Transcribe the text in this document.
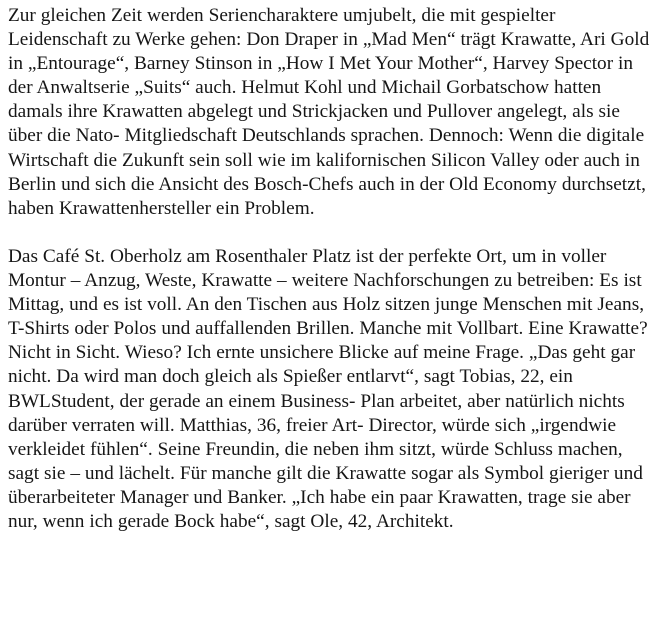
Zur gleichen Zeit werden Seriencharaktere umjubelt, die mit gespielter Leidenschaft zu Werke gehen: Don Draper in „Mad Men“ trägt Krawatte, Ari Gold in „Entourage“, Barney Stinson in „How I Met Your Mother“, Harvey Spector in der Anwaltserie „Suits“ auch. Helmut Kohl und Michail Gorbatschow hatten damals ihre Krawatten abgelegt und Strickjacken und Pullover angelegt, als sie über die Nato- Mitgliedschaft Deutschlands sprachen. Dennoch: Wenn die digitale Wirtschaft die Zukunft sein soll wie im kalifornischen Silicon Valley oder auch in Berlin und sich die Ansicht des Bosch-Chefs auch in der Old Economy durchsetzt, haben Krawattenhersteller ein Problem.

Das Café St. Oberholz am Rosenthaler Platz ist der perfekte Ort, um in voller Montur – Anzug, Weste, Krawatte – weitere Nachforschungen zu betreiben: Es ist Mittag, und es ist voll. An den Tischen aus Holz sitzen junge Menschen mit Jeans, T-Shirts oder Polos und auffallenden Brillen. Manche mit Vollbart. Eine Krawatte? Nicht in Sicht. Wieso? Ich ernte unsichere Blicke auf meine Frage. „Das geht gar nicht. Da wird man doch gleich als Spießer entlarvt“, sagt Tobias, 22, ein BWLStudent, der gerade an einem Business- Plan arbeitet, aber natürlich nichts darüber verraten will. Matthias, 36, freier Art- Director, würde sich „irgendwie verkleidet fühlen“. Seine Freundin, die neben ihm sitzt, würde Schluss machen, sagt sie – und lächelt. Für manche gilt die Krawatte sogar als Symbol gieriger und überarbeiteter Manager und Banker. „Ich habe ein paar Krawatten, trage sie aber nur, wenn ich gerade Bock habe“, sagt Ole, 42, Architekt.
